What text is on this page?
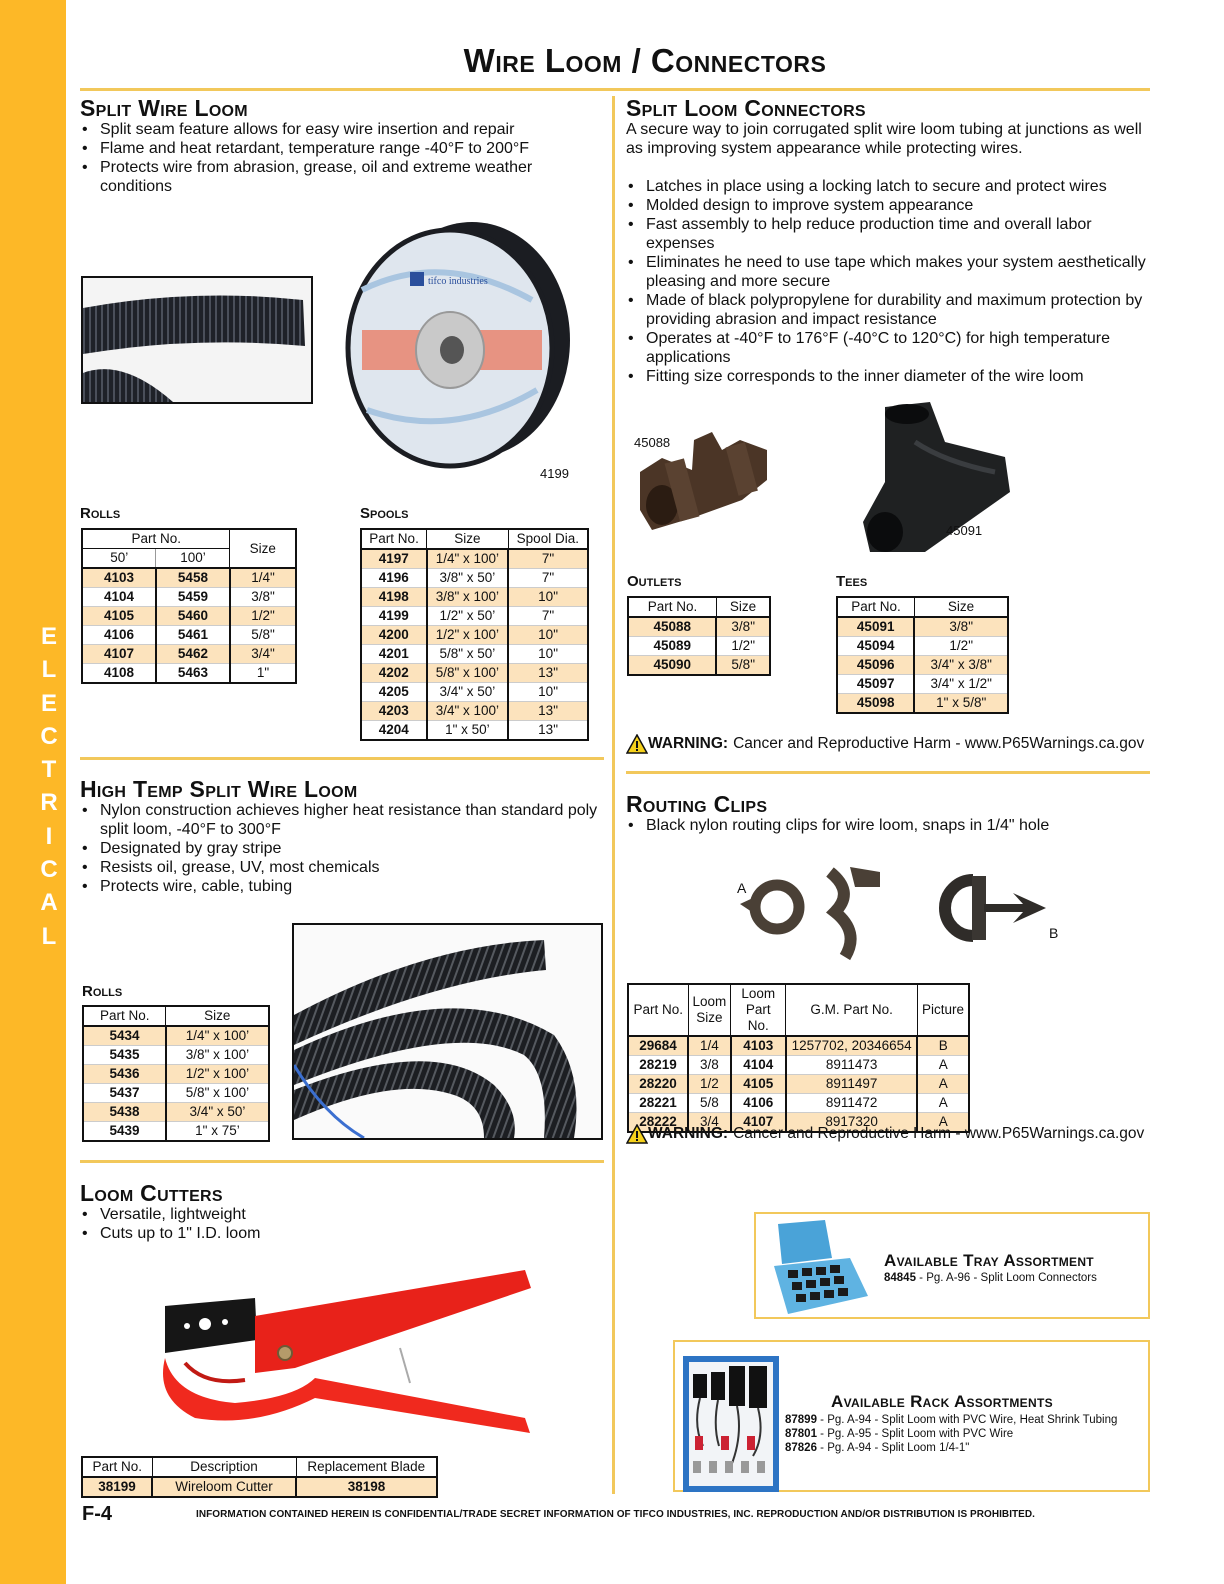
E
L
E
C
T
R
I
C
A
L
Wire Loom / Connectors
Split Wire Loom
• Split seam feature allows for easy wire insertion and repair
• Flame and heat retardant, temperature range -40°F to 200°F
• Protects wire from abrasion, grease, oil and extreme weather conditions
tifco industries
4199
Rolls
Part No.		Size
50’	100’	
4103	5458	1/4"
4104	5459	3/8"
4105	5460	1/2"
4106	5461	5/8"
4107	5462	3/4"
4108	5463	1"
Spools
Part No.	Size	Spool Dia.
4197	1/4" x 100’	7"
4196	3/8" x 50’	7"
4198	3/8" x 100’	10"
4199	1/2" x 50’	7"
4200	1/2" x 100’	10"
4201	5/8" x 50’	10"
4202	5/8" x 100’	13"
4205	3/4" x 50’	10"
4203	3/4" x 100’	13"
4204	1" x 50’	13"
Split Loom Connectors
A secure way to join corrugated split wire loom tubing at junctions as well as improving system appearance while protecting wires.
• Latches in place using a locking latch to secure and protect wires
• Molded design to improve system appearance
• Fast assembly to help reduce production time and overall labor expenses
• Eliminates he need to use tape which makes your system aesthetically pleasing and more secure
• Made of black polypropylene for durability and maximum protection by providing abrasion and impact resistance
• Operates at -40°F to 176°F (-40°C to 120°C) for high temperature applications
• Fitting size corresponds to the inner diameter of the wire loom
45088
45091
Outlets
Part No.	Size
45088	3/8"
45089	1/2"
45090	5/8"
Tees
Part No.	Size
45091	3/8"
45094	1/2"
45096	3/4" x 3/8"
45097	3/4" x 1/2"
45098	1" x 5/8"
WARNING: Cancer and Reproductive Harm - www.P65Warnings.ca.gov
High Temp Split Wire Loom
• Nylon construction achieves higher heat resistance than standard poly split loom, -40°F to 300°F
• Designated by gray stripe
• Resists oil, grease, UV, most chemicals
• Protects wire, cable, tubing
Rolls
Part No.	Size
5434	1/4" x 100’
5435	3/8" x 100’
5436	1/2" x 100’
5437	5/8" x 100’
5438	3/4" x 50’
5439	1" x 75’
Routing Clips
• Black nylon routing clips for wire loom, snaps in 1/4" hole
A
B
Part No.	Loom Size	Loom Part No.	G.M. Part No.	Picture
29684	1/4	4103	1257702, 20346654	B
28219	3/8	4104	8911473	A
28220	1/2	4105	8911497	A
28221	5/8	4106	8911472	A
28222	3/4	4107	8917320	A
WARNING: Cancer and Reproductive Harm - www.P65Warnings.ca.gov
Loom Cutters
• Versatile, lightweight
• Cuts up to 1" I.D. loom
Part No.	Description	Replacement Blade
38199	Wireloom Cutter	38198
Available Tray Assortment
84845 - Pg. A-96 - Split Loom Connectors
Available Rack Assortments
87899 - Pg. A-94 - Split Loom with PVC Wire, Heat Shrink Tubing
87801 - Pg. A-95 - Split Loom with PVC Wire
87826 - Pg. A-94 - Split Loom 1/4-1"
F-4	INFORMATION CONTAINED HEREIN IS CONFIDENTIAL/TRADE SECRET INFORMATION OF TIFCO INDUSTRIES, INC. REPRODUCTION AND/OR DISTRIBUTION IS PROHIBITED.
